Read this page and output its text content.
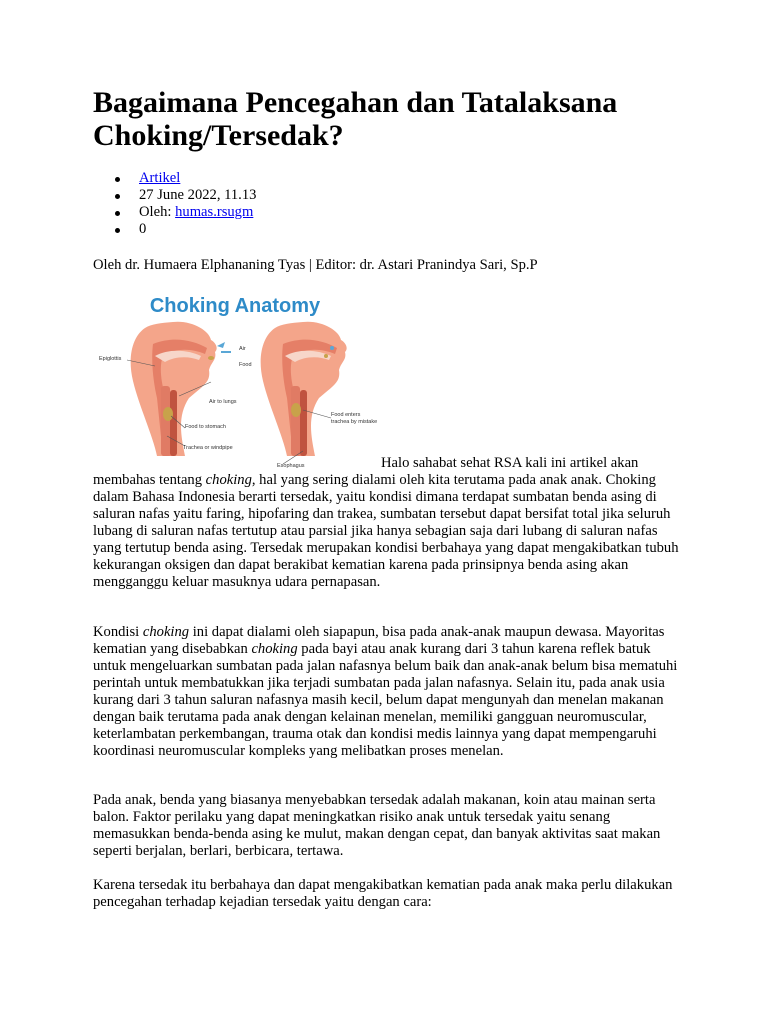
Bagaimana Pencegahan dan Tatalaksana Choking/Tersedak?
Artikel
27 June 2022, 11.13
Oleh: humas.rsugm
0
Oleh dr. Humaera Elphananing Tyas | Editor: dr. Astari Pranindya Sari, Sp.P
Choking Anatomy
Epiglottis
Air
Food
Air to lungs
Food to stomach
Trachea or windpipe
Esophagus
Food enters
trachea by mistake

Halo sahabat sehat RSA kali ini artikel akan membahas tentang choking, hal yang sering dialami oleh kita terutama pada anak anak. Choking dalam Bahasa Indonesia berarti tersedak, yaitu kondisi dimana terdapat sumbatan benda asing di saluran nafas yaitu faring, hipofaring dan trakea, sumbatan tersebut dapat bersifat total jika seluruh lubang di saluran nafas tertutup atau parsial jika hanya sebagian saja dari lubang di saluran nafas yang tertutup benda asing. Tersedak merupakan kondisi berbahaya yang dapat mengakibatkan tubuh kekurangan oksigen dan dapat berakibat kematian karena pada prinsipnya benda asing akan mengganggu keluar masuknya udara pernapasan.

Kondisi choking ini dapat dialami oleh siapapun, bisa pada anak-anak maupun dewasa. Mayoritas kematian yang disebabkan choking pada bayi atau anak kurang dari 3 tahun karena reflek batuk untuk mengeluarkan sumbatan pada jalan nafasnya belum baik dan anak-anak belum bisa mematuhi perintah untuk membatukkan jika terjadi sumbatan pada jalan nafasnya. Selain itu, pada anak usia kurang dari 3 tahun saluran nafasnya masih kecil, belum dapat mengunyah dan menelan makanan dengan baik terutama pada anak dengan kelainan menelan, memiliki gangguan neuromuscular, keterlambatan perkembangan, trauma otak dan kondisi medis lainnya yang dapat mempengaruhi koordinasi neuromuscular kompleks yang melibatkan proses menelan.

Pada anak, benda yang biasanya menyebabkan tersedak adalah makanan, koin atau mainan serta balon. Faktor perilaku yang dapat meningkatkan risiko anak untuk tersedak yaitu senang memasukkan benda-benda asing ke mulut, makan dengan cepat, dan banyak aktivitas saat makan seperti berjalan, berlari, berbicara, tertawa.

Karena tersedak itu berbahaya dan dapat mengakibatkan kematian pada anak maka perlu dilakukan pencegahan terhadap kejadian tersedak yaitu dengan cara:
